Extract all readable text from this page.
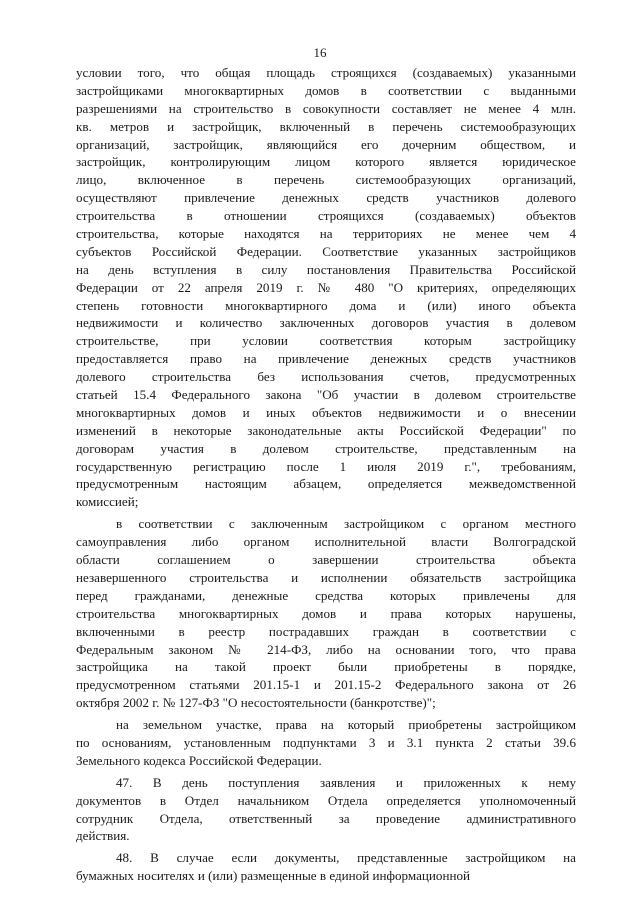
16
условии того, что общая площадь строящихся (создаваемых) указанными
застройщиками многоквартирных домов в соответствии с выданными
разрешениями на строительство в совокупности составляет не менее 4 млн.
кв. метров и застройщик, включенный в перечень системообразующих
организаций, застройщик, являющийся его дочерним обществом, и
застройщик, контролирующим лицом которого является юридическое
лицо, включенное в перечень системообразующих организаций,
осуществляют привлечение денежных средств участников долевого
строительства в отношении строящихся (создаваемых) объектов
строительства, которые находятся на территориях не менее чем 4
субъектов Российской Федерации. Соответствие указанных застройщиков
на день вступления в силу постановления Правительства Российской
Федерации от 22 апреля 2019 г. № 480 "О критериях, определяющих
степень готовности многоквартирного дома и (или) иного объекта
недвижимости и количество заключенных договоров участия в долевом
строительстве, при условии соответствия которым застройщику
предоставляется право на привлечение денежных средств участников
долевого строительства без использования счетов, предусмотренных
статьей 15.4 Федерального закона "Об участии в долевом строительстве
многоквартирных домов и иных объектов недвижимости и о внесении
изменений в некоторые законодательные акты Российской Федерации" по
договорам участия в долевом строительстве, представленным на
государственную регистрацию после 1 июля 2019 г.", требованиям,
предусмотренным настоящим абзацем, определяется межведомственной
комиссией;
в соответствии с заключенным застройщиком с органом местного
самоуправления либо органом исполнительной власти Волгоградской
области соглашением о завершении строительства объекта
незавершенного строительства и исполнении обязательств застройщика
перед гражданами, денежные средства которых привлечены для
строительства многоквартирных домов и права которых нарушены,
включенными в реестр пострадавших граждан в соответствии с
Федеральным законом № 214-ФЗ, либо на основании того, что права
застройщика на такой проект были приобретены в порядке,
предусмотренном статьями 201.15-1 и 201.15-2 Федерального закона от 26
октября 2002 г. № 127-ФЗ "О несостоятельности (банкротстве)";
на земельном участке, права на который приобретены застройщиком
по основаниям, установленным подпунктами 3 и 3.1 пункта 2 статьи 39.6
Земельного кодекса Российской Федерации.
47. В день поступления заявления и приложенных к нему
документов в Отдел начальником Отдела определяется уполномоченный
сотрудник Отдела, ответственный за проведение административного
действия.
48. В случае если документы, представленные застройщиком на
бумажных носителях и (или) размещенные в единой информационной
